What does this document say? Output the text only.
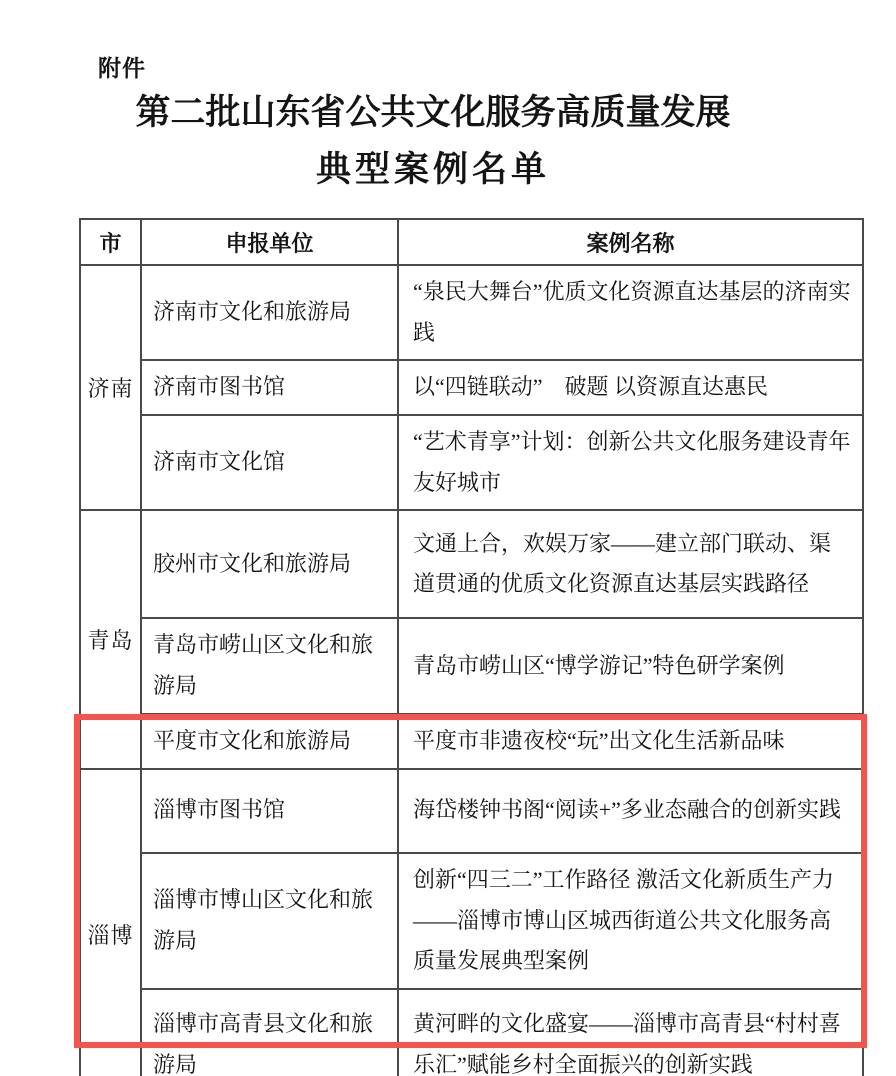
附件
第二批山东省公共文化服务高质量发展
典型案例名单
市	申报单位	案例名称
济南	济南市文化和旅游局	“泉民大舞台”优质文化资源直达基层的济南实践
	济南市图书馆	以“四链联动”　破题 以资源直达惠民
	济南市文化馆	“艺术青享”计划：创新公共文化服务建设青年友好城市
青岛	胶州市文化和旅游局	文通上合，欢娱万家——建立部门联动、渠道贯通的优质文化资源直达基层实践路径
	青岛市崂山区文化和旅游局	青岛市崂山区“博学游记”特色研学案例
	平度市文化和旅游局	平度市非遗夜校“玩”出文化生活新品味
淄博	淄博市图书馆	海岱楼钟书阁“阅读+”多业态融合的创新实践
	淄博市博山区文化和旅游局	创新“四三二”工作路径 激活文化新质生产力——淄博市博山区城西街道公共文化服务高质量发展典型案例
	淄博市高青县文化和旅游局	黄河畔的文化盛宴——淄博市高青县“村村喜乐汇”赋能乡村全面振兴的创新实践
